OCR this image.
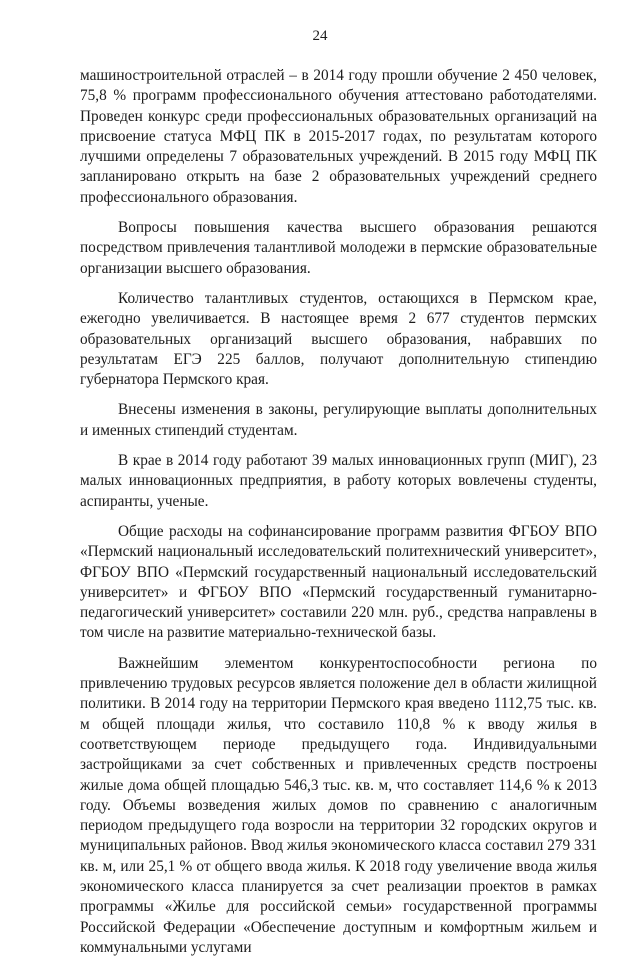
24

машиностроительной отраслей – в 2014 году прошли обучение 2 450 человек, 75,8 % программ профессионального обучения аттестовано работодателями. Проведен конкурс среди профессиональных образовательных организаций на присвоение статуса МФЦ ПК в 2015-2017 годах, по результатам которого лучшими определены 7 образовательных учреждений. В 2015 году МФЦ ПК запланировано открыть на базе 2 образовательных учреждений среднего профессионального образования.

Вопросы повышения качества высшего образования решаются посредством привлечения талантливой молодежи в пермские образовательные организации высшего образования.

Количество талантливых студентов, остающихся в Пермском крае, ежегодно увеличивается. В настоящее время 2 677 студентов пермских образовательных организаций высшего образования, набравших по результатам ЕГЭ 225 баллов, получают дополнительную стипендию губернатора Пермского края.

Внесены изменения в законы, регулирующие выплаты дополнительных и именных стипендий студентам.

В крае в 2014 году работают 39 малых инновационных групп (МИГ), 23 малых инновационных предприятия, в работу которых вовлечены студенты, аспиранты, ученые.

Общие расходы на софинансирование программ развития ФГБОУ ВПО «Пермский национальный исследовательский политехнический университет», ФГБОУ ВПО «Пермский государственный национальный исследовательский университет» и ФГБОУ ВПО «Пермский государственный гуманитарно-педагогический университет» составили 220 млн. руб., средства направлены в том числе на развитие материально-технической базы.

Важнейшим элементом конкурентоспособности региона по привлечению трудовых ресурсов является положение дел в области жилищной политики. В 2014 году на территории Пермского края введено 1112,75 тыс. кв. м общей площади жилья, что составило 110,8 % к вводу жилья в соответствующем периоде предыдущего года. Индивидуальными застройщиками за счет собственных и привлеченных средств построены жилые дома общей площадью 546,3 тыс. кв. м, что составляет 114,6 % к 2013 году. Объемы возведения жилых домов по сравнению с аналогичным периодом предыдущего года возросли на территории 32 городских округов и муниципальных районов. Ввод жилья экономического класса составил 279 331 кв. м, или 25,1 % от общего ввода жилья. К 2018 году увеличение ввода жилья экономического класса планируется за счет реализации проектов в рамках программы «Жилье для российской семьи» государственной программы Российской Федерации «Обеспечение доступным и комфортным жильем и коммунальными услугами
